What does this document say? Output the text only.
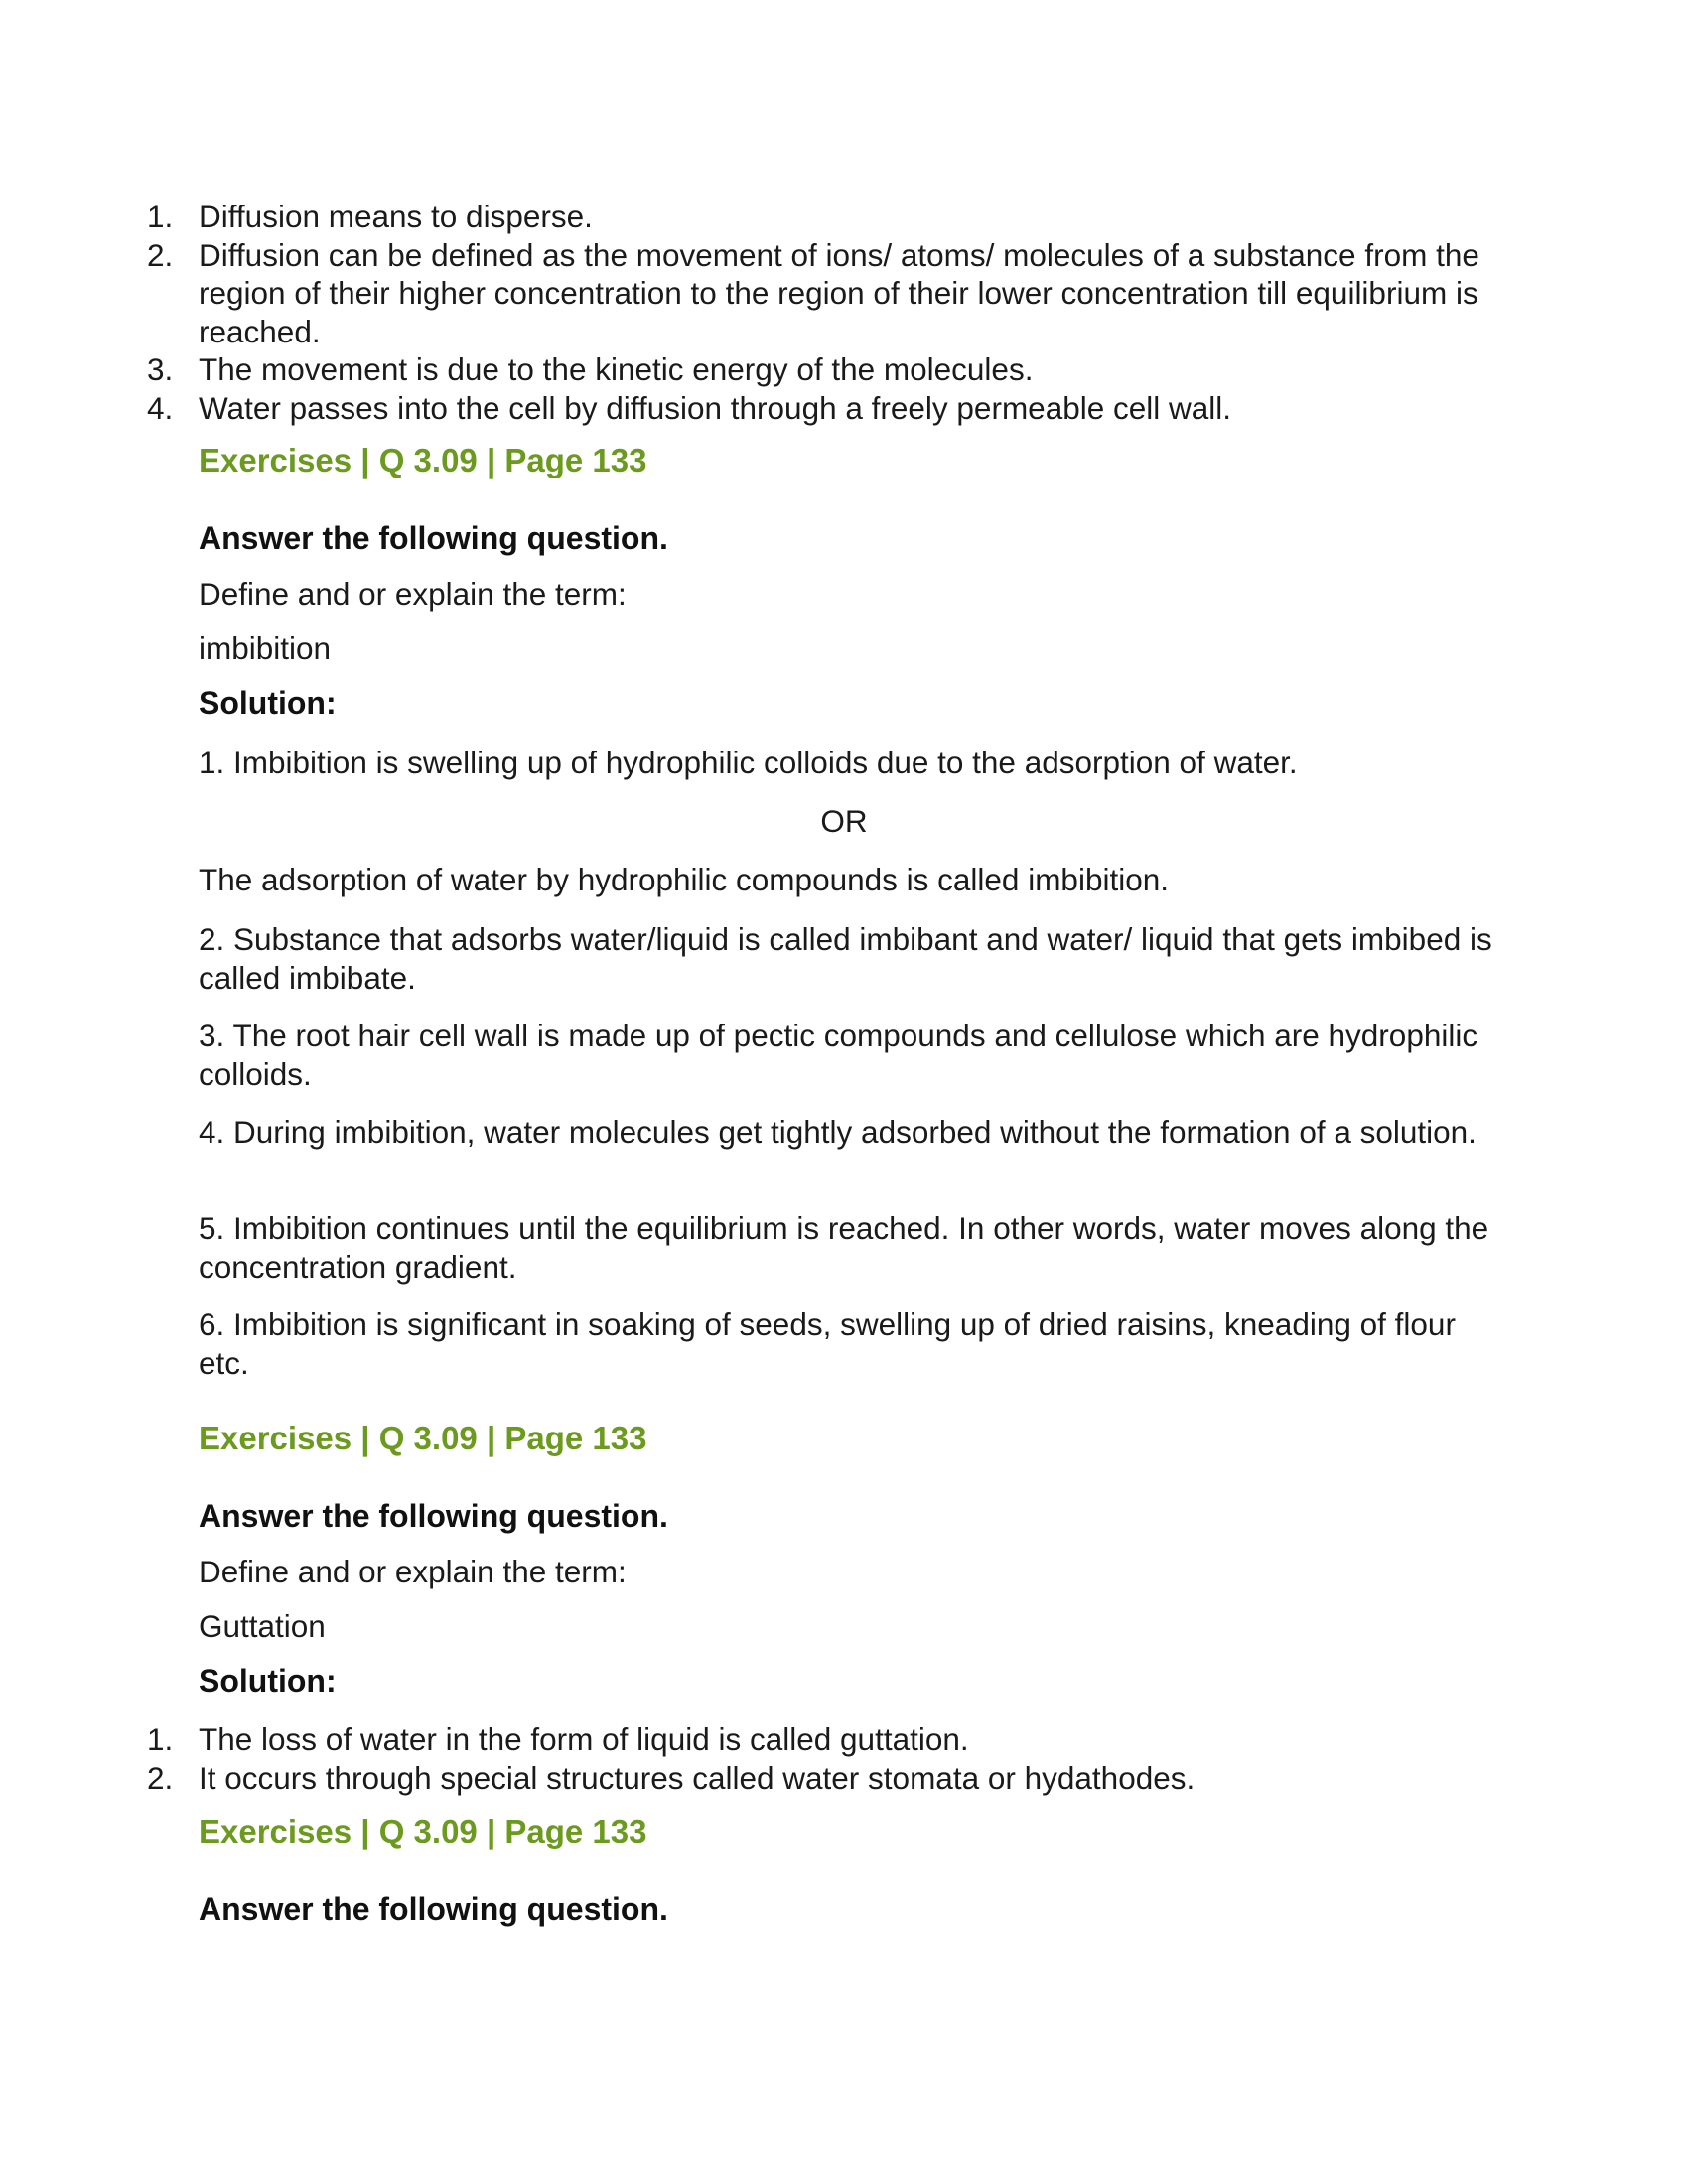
1. Diffusion means to disperse.
2. Diffusion can be defined as the movement of ions/ atoms/ molecules of a substance from the region of their higher concentration to the region of their lower concentration till equilibrium is reached.
3. The movement is due to the kinetic energy of the molecules.
4. Water passes into the cell by diffusion through a freely permeable cell wall.
Exercises | Q 3.09 | Page 133
Answer the following question.
Define and or explain the term:
imbibition
Solution:
1. Imbibition is swelling up of hydrophilic colloids due to the adsorption of water.
OR
The adsorption of water by hydrophilic compounds is called imbibition.
2. Substance that adsorbs water/liquid is called imbibant and water/ liquid that gets imbibed is called imbibate.
3. The root hair cell wall is made up of pectic compounds and cellulose which are hydrophilic colloids.
4. During imbibition, water molecules get tightly adsorbed without the formation of a solution.
5. Imbibition continues until the equilibrium is reached. In other words, water moves along the concentration gradient.
6. Imbibition is significant in soaking of seeds, swelling up of dried raisins, kneading of flour etc.
Exercises | Q 3.09 | Page 133
Answer the following question.
Define and or explain the term:
Guttation
Solution:
1. The loss of water in the form of liquid is called guttation.
2. It occurs through special structures called water stomata or hydathodes.
Exercises | Q 3.09 | Page 133
Answer the following question.
